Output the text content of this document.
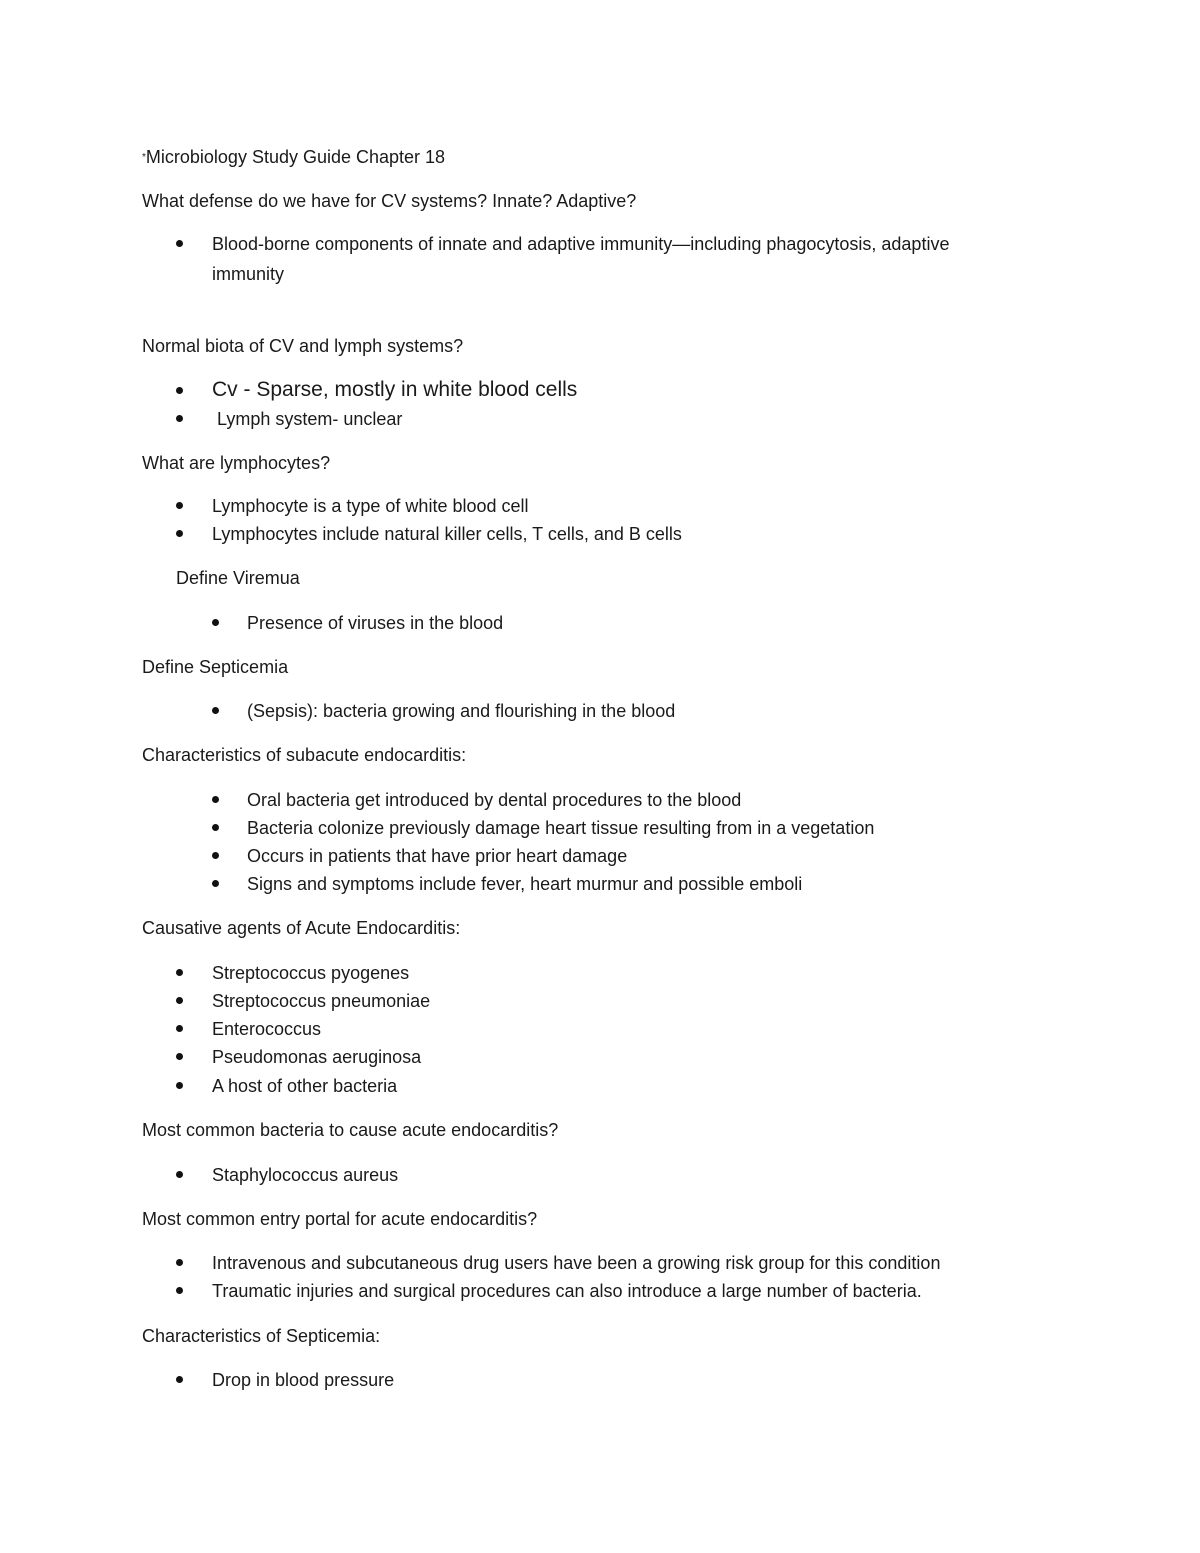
*Microbiology Study Guide Chapter 18
What defense do we have for CV systems? Innate? Adaptive?
Blood-borne components of innate and adaptive immunity—including phagocytosis, adaptive
immunity
Normal biota of CV and lymph systems?
Cv - Sparse, mostly in white blood cells
Lymph system- unclear
What are lymphocytes?
Lymphocyte is a type of white blood cell
Lymphocytes include natural killer cells, T cells, and B cells
Define Viremua
Presence of viruses in the blood
Define Septicemia
(Sepsis): bacteria growing and flourishing in the blood
Characteristics of subacute endocarditis:
Oral bacteria get introduced by dental procedures to the blood
Bacteria colonize previously damage heart tissue resulting from in a vegetation
Occurs in patients that have prior heart damage
Signs and symptoms include fever, heart murmur and possible emboli
Causative agents of Acute Endocarditis:
Streptococcus pyogenes
Streptococcus pneumoniae
Enterococcus
Pseudomonas aeruginosa
A host of other bacteria
Most common bacteria to cause acute endocarditis?
Staphylococcus aureus
Most common entry portal for acute endocarditis?
Intravenous and subcutaneous drug users have been a growing risk group for this condition
Traumatic injuries and surgical procedures can also introduce a large number of bacteria.
Characteristics of Septicemia:
Drop in blood pressure
